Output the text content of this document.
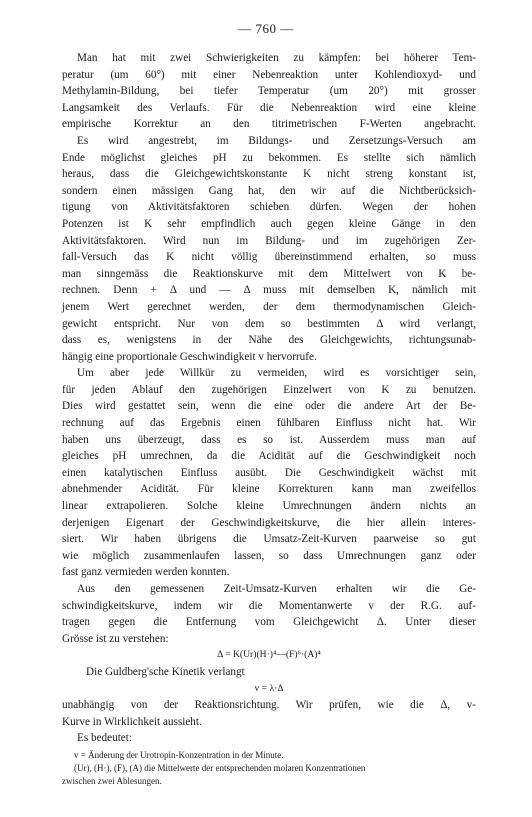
— 760 —
Man hat mit zwei Schwierigkeiten zu kämpfen: bei höherer Tem-
peratur (um 60°) mit einer Nebenreaktion unter Kohlendioxyd- und
Methylamin-Bildung, bei tiefer Temperatur (um 20°) mit grosser
Langsamkeit des Verlaufs. Für die Nebenreaktion wird eine kleine
empirische Korrektur an den titrimetrischen F-Werten angebracht.
Es wird angestrebt, im Bildungs- und Zersetzungs-Versuch am
Ende möglichst gleiches pH zu bekommen. Es stellte sich nämlich
heraus, dass die Gleichgewichtskonstante K nicht streng konstant ist,
sondern einen mässigen Gang hat, den wir auf die Nichtberücksich-
tigung von Aktivitätsfaktoren schieben dürfen. Wegen der hohen
Potenzen ist K sehr empfindlich auch gegen kleine Gänge in den
Aktivitätsfaktoren. Wird nun im Bildung- und im zugehörigen Zer-
fall-Versuch das K nicht völlig übereinstimmend erhalten, so muss
man sinngemäss die Reaktionskurve mit dem Mittelwert von K be-
rechnen. Denn + Δ und — Δ muss mit demselben K, nämlich mit
jenem Wert gerechnet werden, der dem thermodynamischen Gleich-
gewicht entspricht. Nur von dem so bestimmten Δ wird verlangt,
dass es, wenigstens in der Nähe des Gleichgewichts, richtungsunab-
hängig eine proportionale Geschwindigkeit v hervorrufe.
Um aber jede Willkür zu vermeiden, wird es vorsichtiger sein,
für jeden Ablauf den zugehörigen Einzelwert von K zu benutzen.
Dies wird gestattet sein, wenn die eine oder die andere Art der Be-
rechnung auf das Ergebnis einen fühlbaren Einfluss nicht hat. Wir
haben uns überzeugt, dass es so ist. Ausserdem muss man auf
gleiches pH umrechnen, da die Acidität auf die Geschwindigkeit noch
einen katalytischen Einfluss ausübt. Die Geschwindigkeit wächst mit
abnehmender Acidität. Für kleine Korrekturen kann man zweifellos
linear extrapolieren. Solche kleine Umrechnungen ändern nichts an
derjenigen Eigenart der Geschwindigkeitskurve, die hier allein interes-
siert. Wir haben übrigens die Umsatz-Zeit-Kurven paarweise so gut
wie möglich zusammenlaufen lassen, so dass Umrechnungen ganz oder
fast ganz vermieden werden konnten.
Aus den gemessenen Zeit-Umsatz-Kurven erhalten wir die Ge-
schwindigkeitskurve, indem wir die Momentanwerte v der R.G. auf-
tragen gegen die Entfernung vom Gleichgewicht Δ. Unter dieser
Grösse ist zu verstehen:
Δ = K(Ur)(H·)⁴—(F)⁶·(A)⁴
Die Guldberg'sche Kinetik verlangt
v = λ·Δ
unabhängig von der Reaktionsrichtung. Wir prüfen, wie die Δ, v-
Kurve in Wirklichkeit aussieht.
Es bedeutet:
v = Änderung der Urotropin-Konzentration in der Minute.
(Ur), (H·), (F), (A) die Mittelwerte der entsprechenden molaren Konzentrationen
zwischen zwei Ablesungen.
